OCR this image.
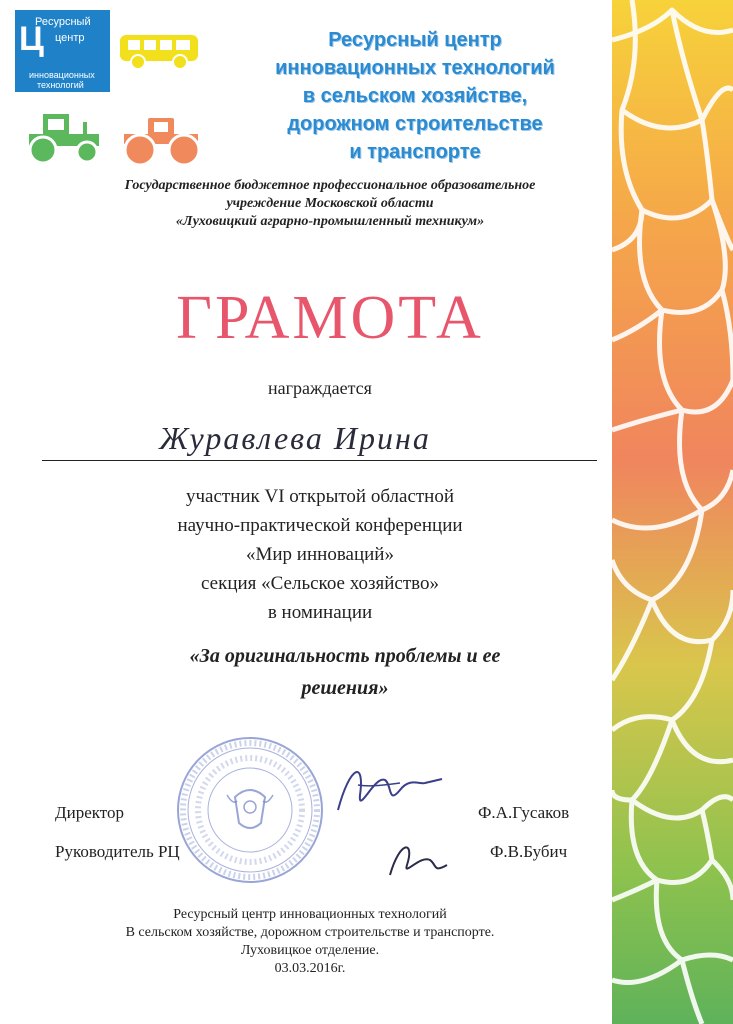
Ресурсный
Ц центр
инновационных
технологий
Ресурсный центр
инновационных технологий
в сельском хозяйстве,
дорожном строительстве
и транспорте
Государственное бюджетное профессиональное образовательное
учреждение Московской области
«Луховицкий аграрно-промышленный техникум»
ГРАМОТА
награждается
Журавлева Ирина
участник VI открытой областной
научно-практической конференции
«Мир инноваций»
секция «Сельское хозяйство»
в номинации
«За оригинальность проблемы и ее
решения»
Директор	Ф.А.Гусаков
Руководитель РЦ	Ф.В.Бубич
Ресурсный центр инновационных технологий
В сельском хозяйстве, дорожном строительстве и транспорте.
Луховицкое отделение.
03.03.2016г.
